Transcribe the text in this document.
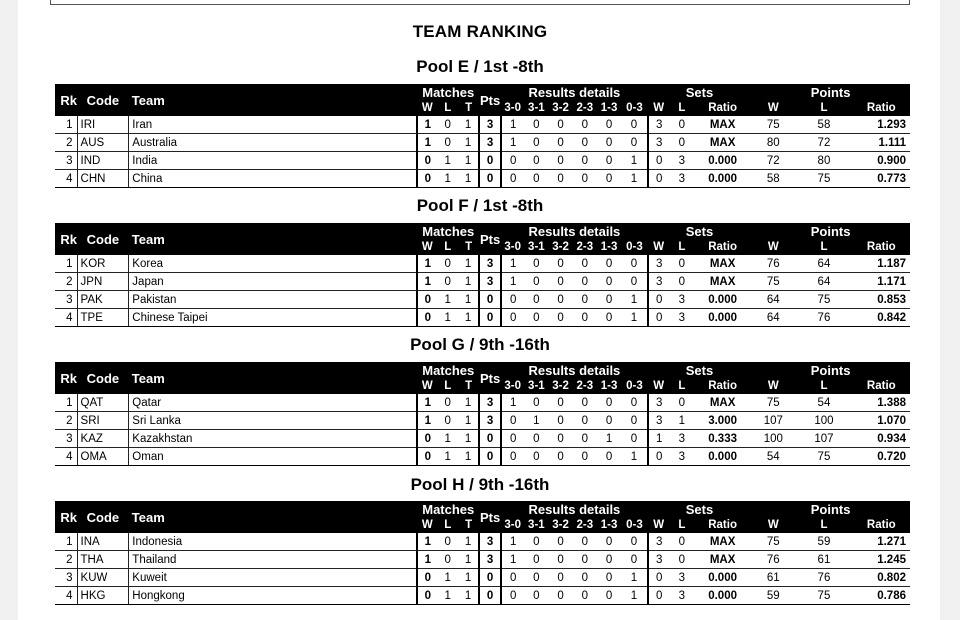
TEAM RANKING
Pool E / 1st -8th
Rk	Code	Team	Matches			Pts	Results details						Sets			Points		
			W	L	T		3-0	3-1	3-2	2-3	1-3	0-3	W	L	Ratio	W	L	Ratio
1	IRI	Iran	1	0	1	3	1	0	0	0	0	0	3	0	MAX	75	58	1.293
2	AUS	Australia	1	0	1	3	1	0	0	0	0	0	3	0	MAX	80	72	1.111
3	IND	India	0	1	1	0	0	0	0	0	0	1	0	3	0.000	72	80	0.900
4	CHN	China	0	1	1	0	0	0	0	0	0	1	0	3	0.000	58	75	0.773
Pool F / 1st -8th
Rk	Code	Team	Matches			Pts	Results details						Sets			Points		
			W	L	T		3-0	3-1	3-2	2-3	1-3	0-3	W	L	Ratio	W	L	Ratio
1	KOR	Korea	1	0	1	3	1	0	0	0	0	0	3	0	MAX	76	64	1.187
2	JPN	Japan	1	0	1	3	1	0	0	0	0	0	3	0	MAX	75	64	1.171
3	PAK	Pakistan	0	1	1	0	0	0	0	0	0	1	0	3	0.000	64	75	0.853
4	TPE	Chinese Taipei	0	1	1	0	0	0	0	0	0	1	0	3	0.000	64	76	0.842
Pool G / 9th -16th
Rk	Code	Team	Matches			Pts	Results details						Sets			Points		
			W	L	T		3-0	3-1	3-2	2-3	1-3	0-3	W	L	Ratio	W	L	Ratio
1	QAT	Qatar	1	0	1	3	1	0	0	0	0	0	3	0	MAX	75	54	1.388
2	SRI	Sri Lanka	1	0	1	3	0	1	0	0	0	0	3	1	3.000	107	100	1.070
3	KAZ	Kazakhstan	0	1	1	0	0	0	0	0	1	0	1	3	0.333	100	107	0.934
4	OMA	Oman	0	1	1	0	0	0	0	0	0	1	0	3	0.000	54	75	0.720
Pool H / 9th -16th
Rk	Code	Team	Matches			Pts	Results details						Sets			Points		
			W	L	T		3-0	3-1	3-2	2-3	1-3	0-3	W	L	Ratio	W	L	Ratio
1	INA	Indonesia	1	0	1	3	1	0	0	0	0	0	3	0	MAX	75	59	1.271
2	THA	Thailand	1	0	1	3	1	0	0	0	0	0	3	0	MAX	76	61	1.245
3	KUW	Kuweit	0	1	1	0	0	0	0	0	0	1	0	3	0.000	61	76	0.802
4	HKG	Hongkong	0	1	1	0	0	0	0	0	0	1	0	3	0.000	59	75	0.786
